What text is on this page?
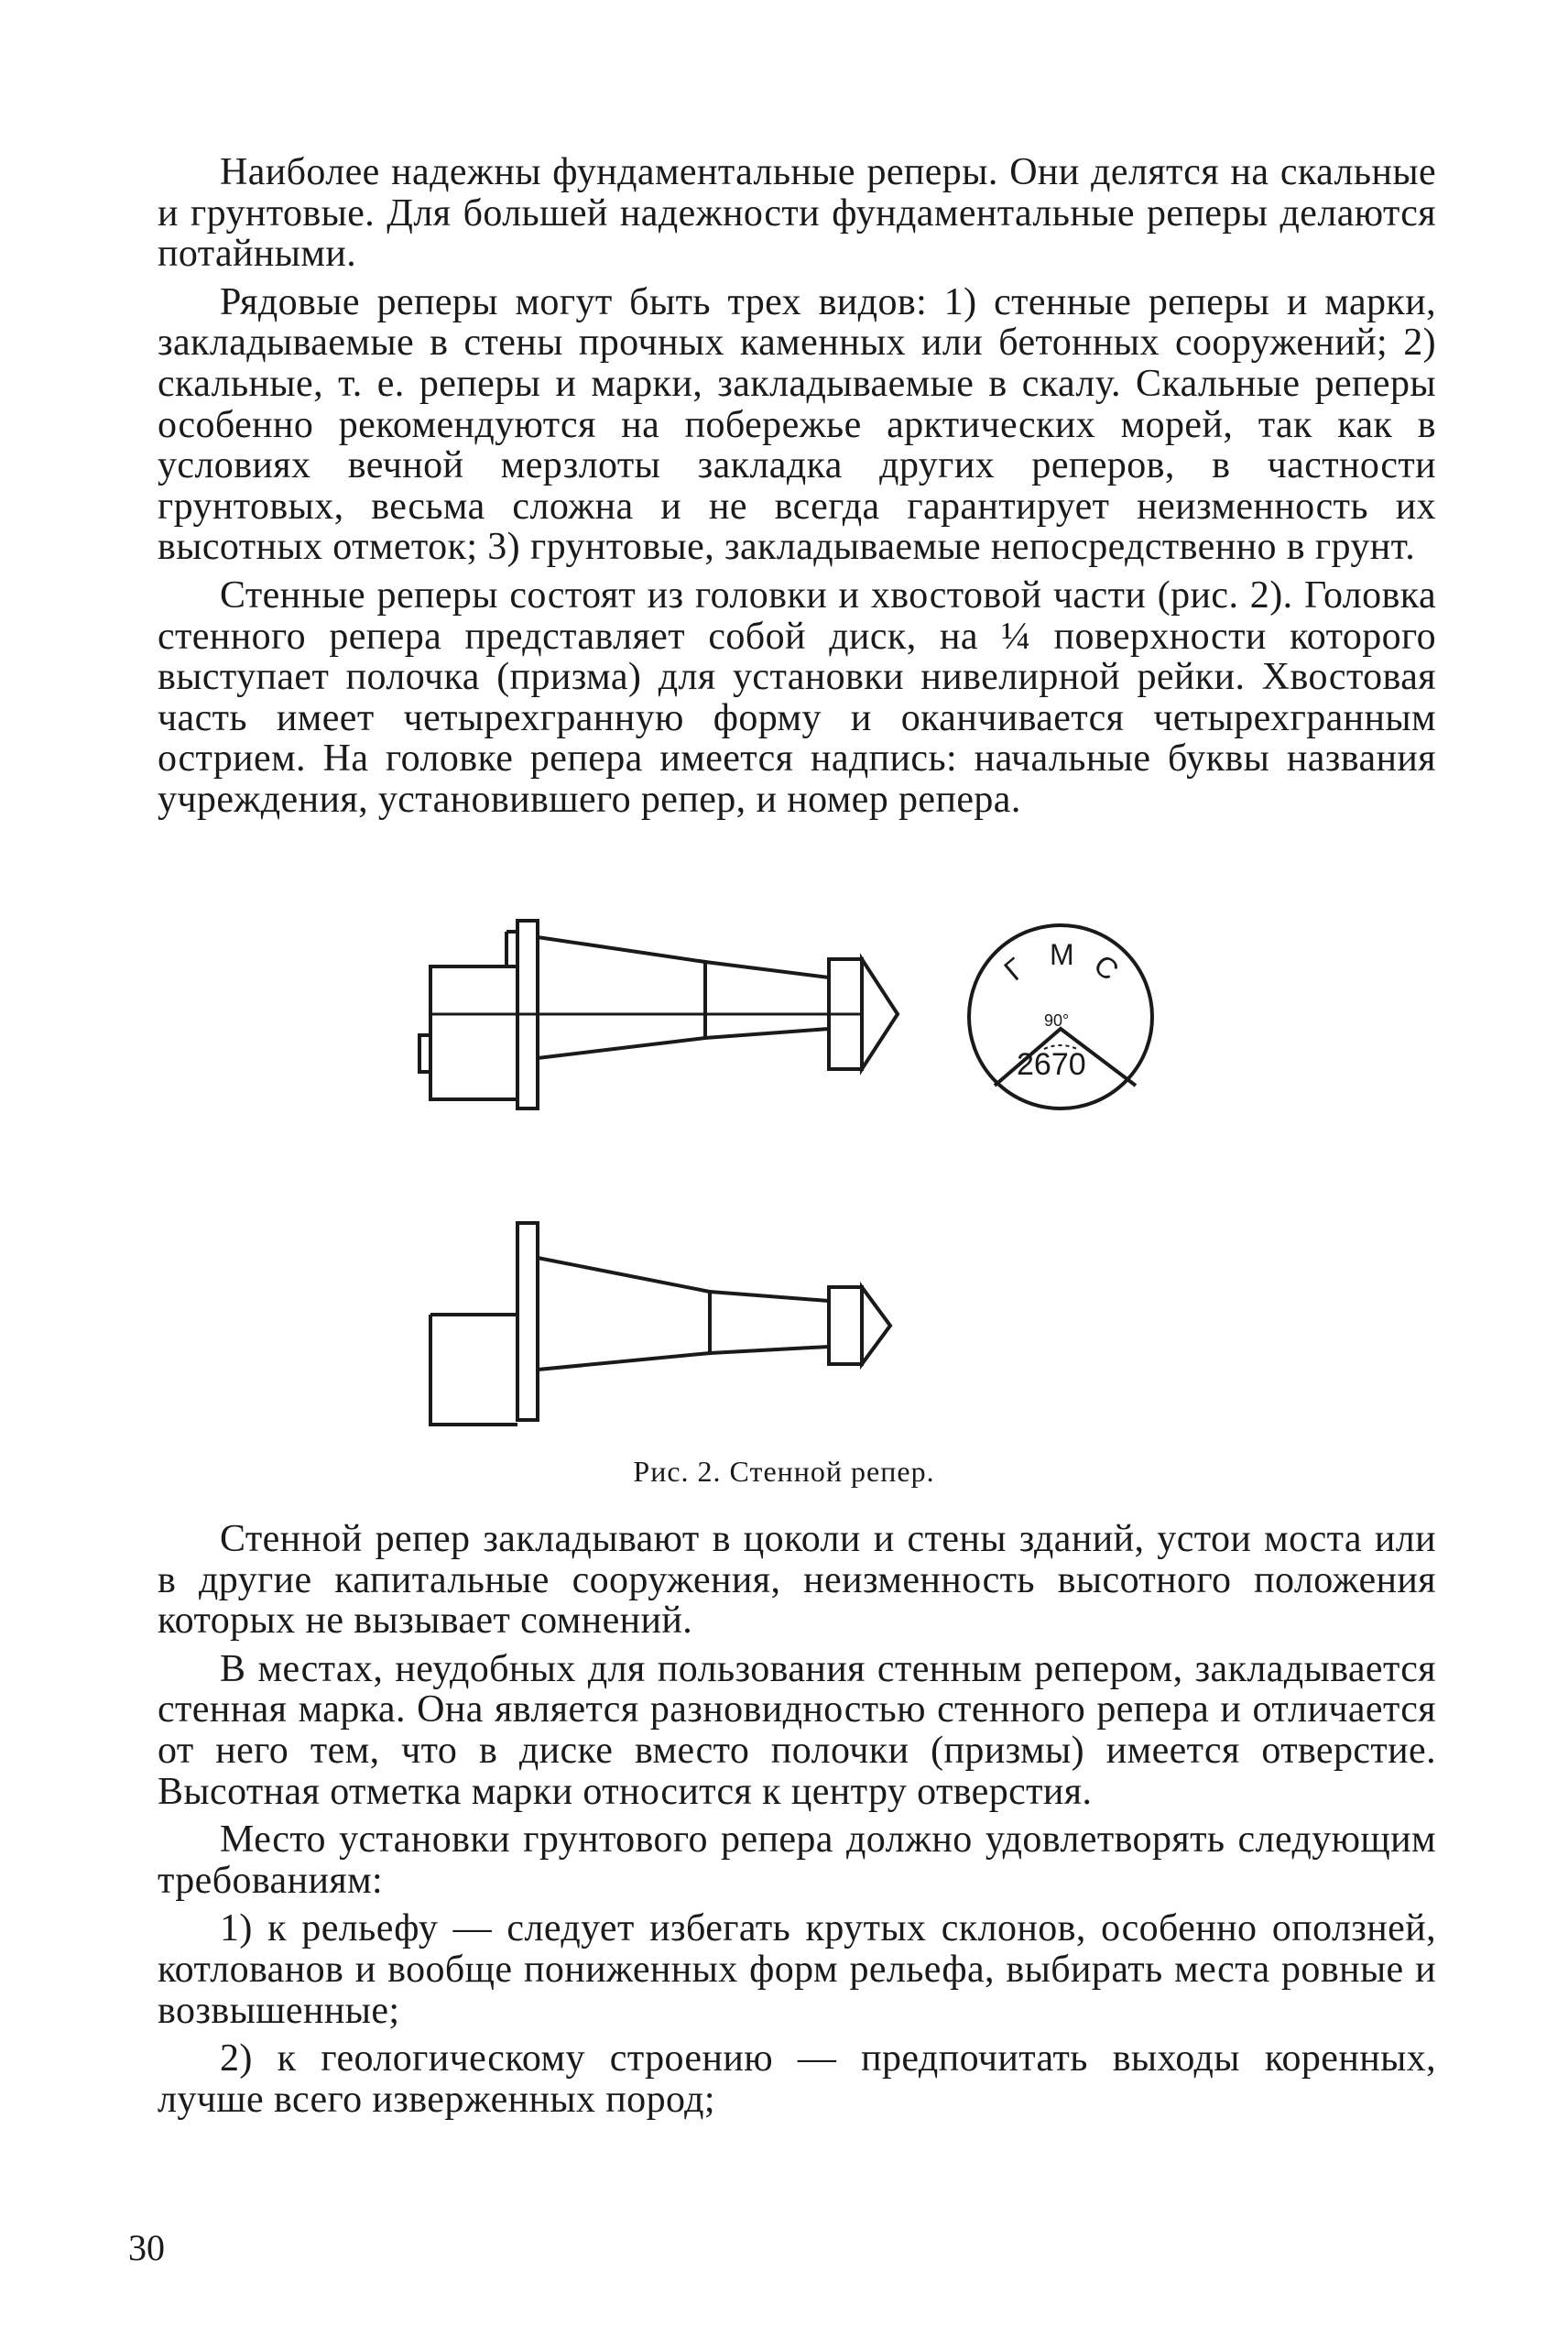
Наиболее надежны фундаментальные реперы. Они делятся на скальные и грунтовые. Для большей надежности фундаментальные реперы делаются потайными.

Рядовые реперы могут быть трех видов: 1) стенные реперы и марки, закладываемые в стены прочных каменных или бетонных сооружений; 2) скальные, т. е. реперы и марки, закладываемые в скалу. Скальные реперы особенно рекомендуются на побережье арктических морей, так как в условиях вечной мерзлоты закладка других реперов, в частности грунтовых, весьма сложна и не всегда гарантирует неизменность их высотных отметок; 3) грунтовые, закладываемые непосредственно в грунт.

Стенные реперы состоят из головки и хвостовой части (рис. 2). Головка стенного репера представляет собой диск, на ¼ поверхности которого выступает полочка (призма) для установки нивелирной рейки. Хвостовая часть имеет четырехгранную форму и оканчивается четырехгранным острием. На головке репера имеется надпись: начальные буквы названия учреждения, установившего репер, и номер репера.

Г М С
90°
2670
Рис. 2. Стенной репер.

Стенной репер закладывают в цоколи и стены зданий, устои моста или в другие капитальные сооружения, неизменность высотного положения которых не вызывает сомнений.

В местах, неудобных для пользования стенным репером, закладывается стенная марка. Она является разновидностью стенного репера и отличается от него тем, что в диске вместо полочки (призмы) имеется отверстие. Высотная отметка марки относится к центру отверстия.

Место установки грунтового репера должно удовлетворять следующим требованиям:

1) к рельефу — следует избегать крутых склонов, особенно оползней, котлованов и вообще пониженных форм рельефа, выбирать места ровные и возвышенные;

2) к геологическому строению — предпочитать выходы коренных, лучше всего изверженных пород;

30
